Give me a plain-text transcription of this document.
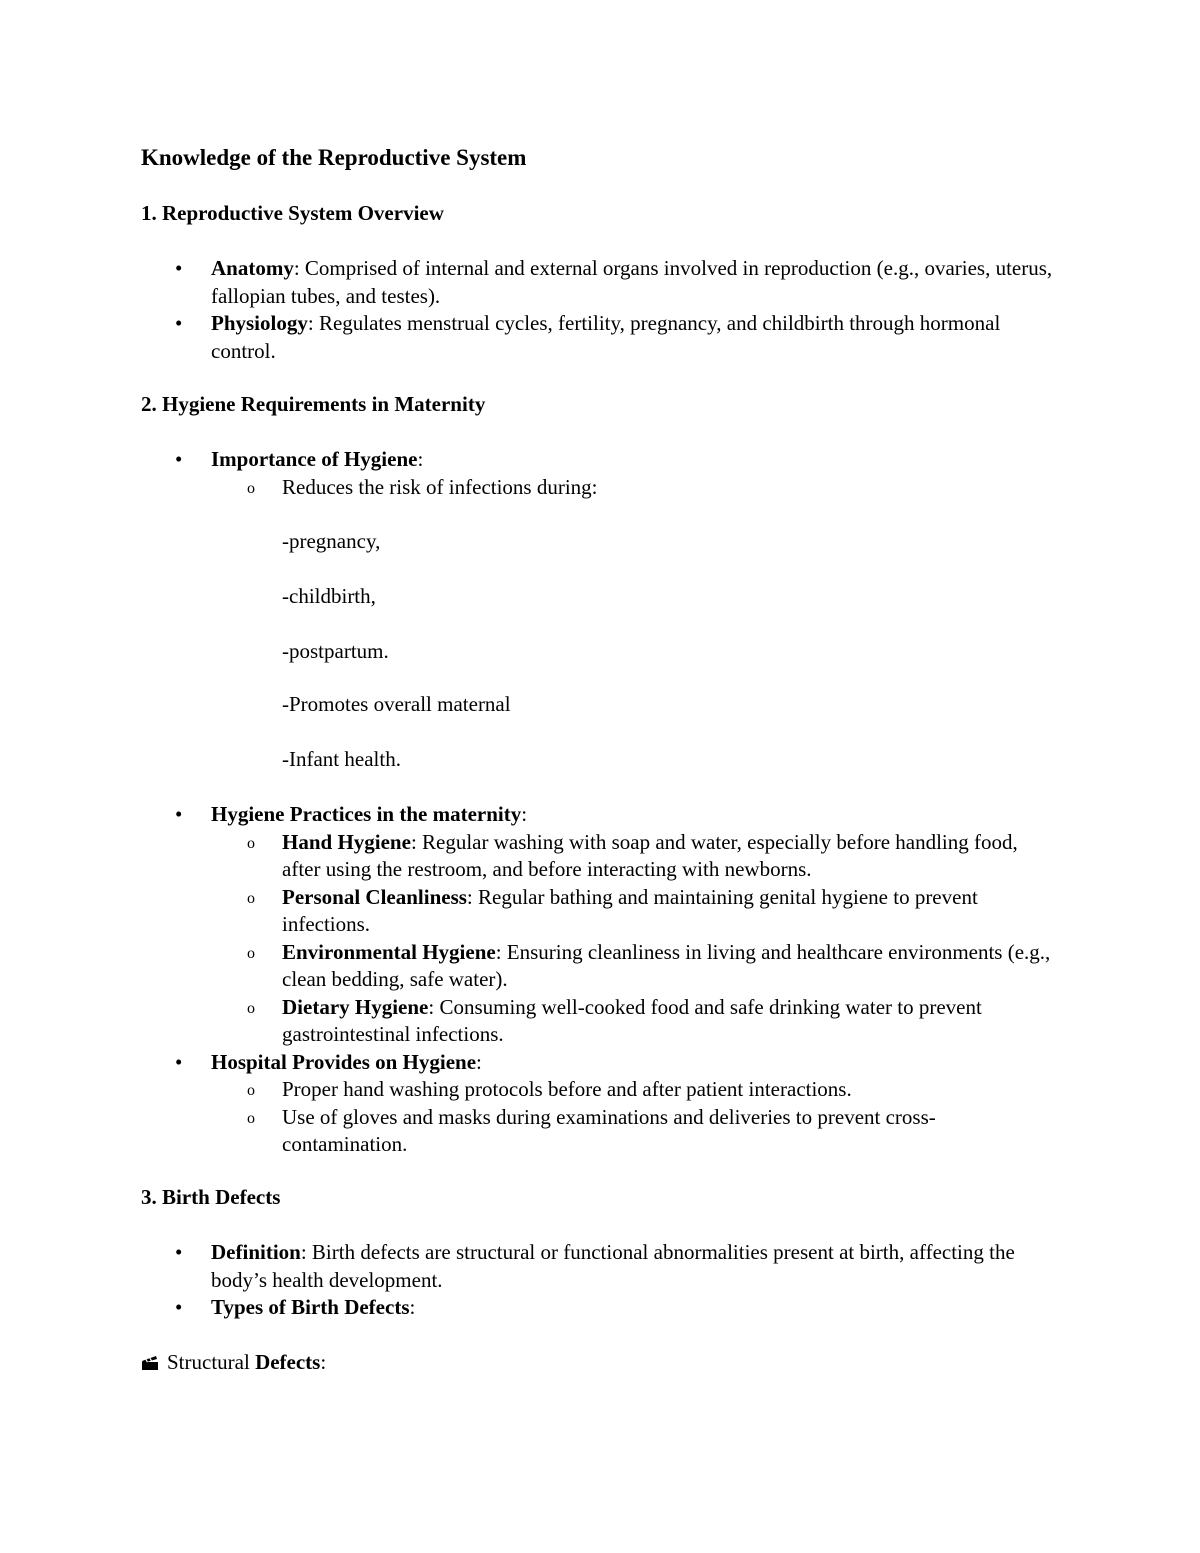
Knowledge of the Reproductive System
1. Reproductive System Overview
• Anatomy: Comprised of internal and external organs involved in reproduction (e.g., ovaries, uterus, fallopian tubes, and testes).
• Physiology: Regulates menstrual cycles, fertility, pregnancy, and childbirth through hormonal control.
2. Hygiene Requirements in Maternity
• Importance of Hygiene:
o Reduces the risk of infections during:
-pregnancy,
-childbirth,
-postpartum.
-Promotes overall maternal
-Infant health.
• Hygiene Practices in the maternity:
o Hand Hygiene: Regular washing with soap and water, especially before handling food, after using the restroom, and before interacting with newborns.
o Personal Cleanliness: Regular bathing and maintaining genital hygiene to prevent infections.
o Environmental Hygiene: Ensuring cleanliness in living and healthcare environments (e.g., clean bedding, safe water).
o Dietary Hygiene: Consuming well-cooked food and safe drinking water to prevent gastrointestinal infections.
• Hospital Provides on Hygiene:
o Proper hand washing protocols before and after patient interactions.
o Use of gloves and masks during examinations and deliveries to prevent cross-contamination.
3. Birth Defects
• Definition: Birth defects are structural or functional abnormalities present at birth, affecting the body’s health development.
• Types of Birth Defects:
Structural Defects:
